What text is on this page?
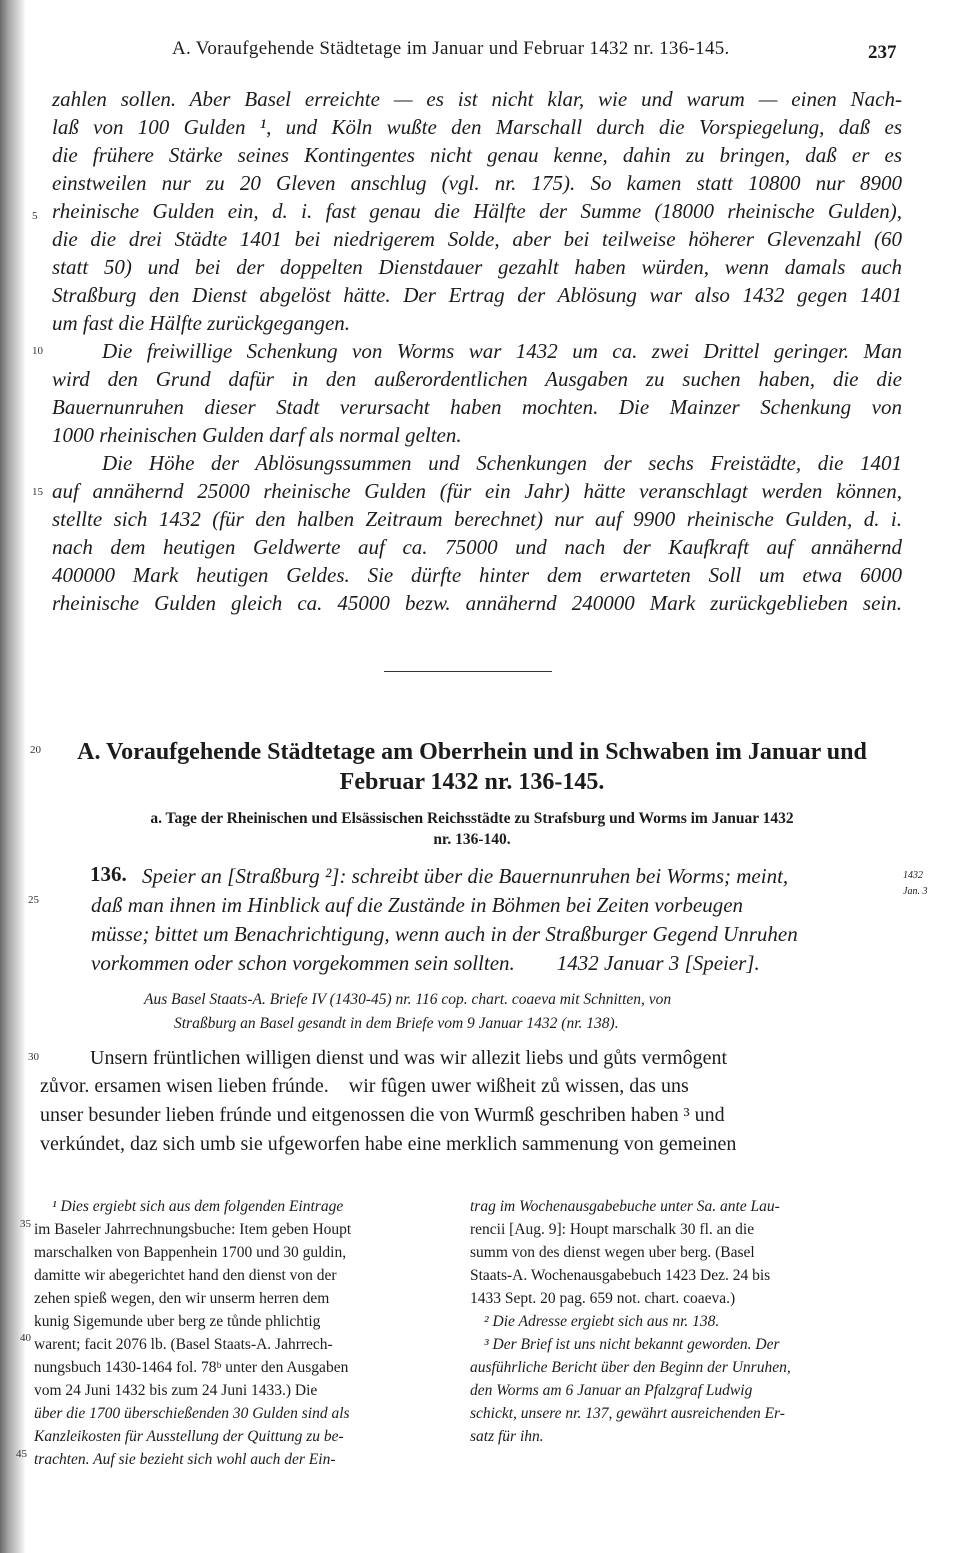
A. Voraufgehende Städtetage im Januar und Februar 1432 nr. 136-145.	237
5
10
15
20
25
30
35
40
45
zahlen sollen. Aber Basel erreichte — es ist nicht klar, wie und warum — einen Nach-
laß von 100 Gulden ¹, und Köln wußte den Marschall durch die Vorspiegelung, daß es
die frühere Stärke seines Kontingentes nicht genau kenne, dahin zu bringen, daß er es
einstweilen nur zu 20 Gleven anschlug (vgl. nr. 175). So kamen statt 10800 nur 8900
rheinische Gulden ein, d. i. fast genau die Hälfte der Summe (18000 rheinische Gulden),
die die drei Städte 1401 bei niedrigerem Solde, aber bei teilweise höherer Glevenzahl (60
statt 50) und bei der doppelten Dienstdauer gezahlt haben würden, wenn damals auch
Straßburg den Dienst abgelöst hätte. Der Ertrag der Ablösung war also 1432 gegen 1401
um fast die Hälfte zurückgegangen.
Die freiwillige Schenkung von Worms war 1432 um ca. zwei Drittel geringer. Man
wird den Grund dafür in den außerordentlichen Ausgaben zu suchen haben, die die
Bauernunruhen dieser Stadt verursacht haben mochten. Die Mainzer Schenkung von
1000 rheinischen Gulden darf als normal gelten.
Die Höhe der Ablösungssummen und Schenkungen der sechs Freistädte, die 1401
auf annähernd 25000 rheinische Gulden (für ein Jahr) hätte veranschlagt werden können,
stellte sich 1432 (für den halben Zeitraum berechnet) nur auf 9900 rheinische Gulden, d. i.
nach dem heutigen Geldwerte auf ca. 75000 und nach der Kaufkraft auf annähernd
400000 Mark heutigen Geldes. Sie dürfte hinter dem erwarteten Soll um etwa 6000
rheinische Gulden gleich ca. 45000 bezw. annähernd 240000 Mark zurückgeblieben sein.
A. Voraufgehende Städtetage am Oberrhein und in Schwaben im Januar und
Februar 1432 nr. 136-145.
a. Tage der Rheinischen und Elsässischen Reichsstädte zu Strafsburg und Worms im Januar 1432
nr. 136-140.
136. Speier an [Straßburg ²]: schreibt über die Bauernunruhen bei Worms; meint,
daß man ihnen im Hinblick auf die Zustände in Böhmen bei Zeiten vorbeugen
müsse; bittet um Benachrichtigung, wenn auch in der Straßburger Gegend Unruhen
vorkommen oder schon vorgekommen sein sollten.        1432 Januar 3 [Speier].
1432
Jan. 3
Aus Basel Staats-A. Briefe IV (1430-45) nr. 116 cop. chart. coaeva mit Schnitten, von
Straßburg an Basel gesandt in dem Briefe vom 9 Januar 1432 (nr. 138).
Unsern früntlichen willigen dienst und was wir allezit liebs und gůts vermôgent
zůvor. ersamen wisen lieben frúnde.    wir fûgen uwer wißheit zů wissen, das uns
unser besunder lieben frúnde und eitgenossen die von Wurmß geschriben haben ³ und
verkúndet, daz sich umb sie ufgeworfen habe eine merklich sammenung von gemeinen
¹ Dies ergiebt sich aus dem folgenden Eintrage
im Baseler Jahrrechnungsbuche: Item geben Houpt
marschalken von Bappenhein 1700 und 30 guldin,
damitte wir abegerichtet hand den dienst von der
zehen spieß wegen, den wir unserm herren dem
kunig Sigemunde uber berg ze tůnde phlichtig
warent; facit 2076 lb. (Basel Staats-A. Jahrrech-
nungsbuch 1430-1464 fol. 78ᵇ unter den Ausgaben
vom 24 Juni 1432 bis zum 24 Juni 1433.) Die
über die 1700 überschießenden 30 Gulden sind als
Kanzleikosten für Ausstellung der Quittung zu be-
trachten. Auf sie bezieht sich wohl auch der Ein-
trag im Wochenausgabebuche unter Sa. ante Lau-
rencii [Aug. 9]: Houpt marschalk 30 fl. an die
summ von des dienst wegen uber berg. (Basel
Staats-A. Wochenausgabebuch 1423 Dez. 24 bis
1433 Sept. 20 pag. 659 not. chart. coaeva.)
² Die Adresse ergiebt sich aus nr. 138.
³ Der Brief ist uns nicht bekannt geworden. Der
ausführliche Bericht über den Beginn der Unruhen,
den Worms am 6 Januar an Pfalzgraf Ludwig
schickt, unsere nr. 137, gewährt ausreichenden Er-
satz für ihn.
